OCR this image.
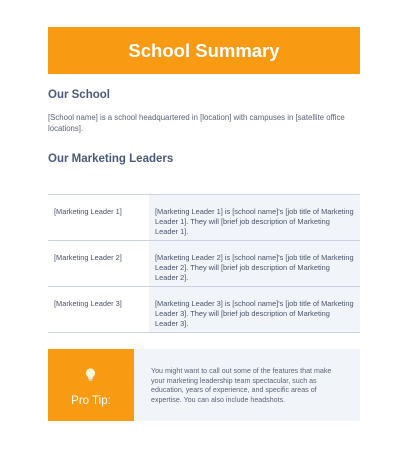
School Summary
Our School
[School name] is a school headquartered in [location] with campuses in [satellite office locations].
Our Marketing Leaders
[Marketing Leader 1]	[Marketing Leader 1] is [school name]'s [job title of Marketing Leader 1]. They will [brief job description of Marketing Leader 1].
[Marketing Leader 2]	[Marketing Leader 2] is [school name]'s [job title of Marketing Leader 2]. They will [brief job description of Marketing Leader 2].
[Marketing Leader 3]	[Marketing Leader 3] is [school name]'s [job title of Marketing Leader 3]. They will [brief job description of Marketing Leader 3].
Pro Tip:
You might want to call out some of the features that make your marketing leadership team spectacular, such as education, years of experience, and specific areas of expertise. You can also include headshots.
